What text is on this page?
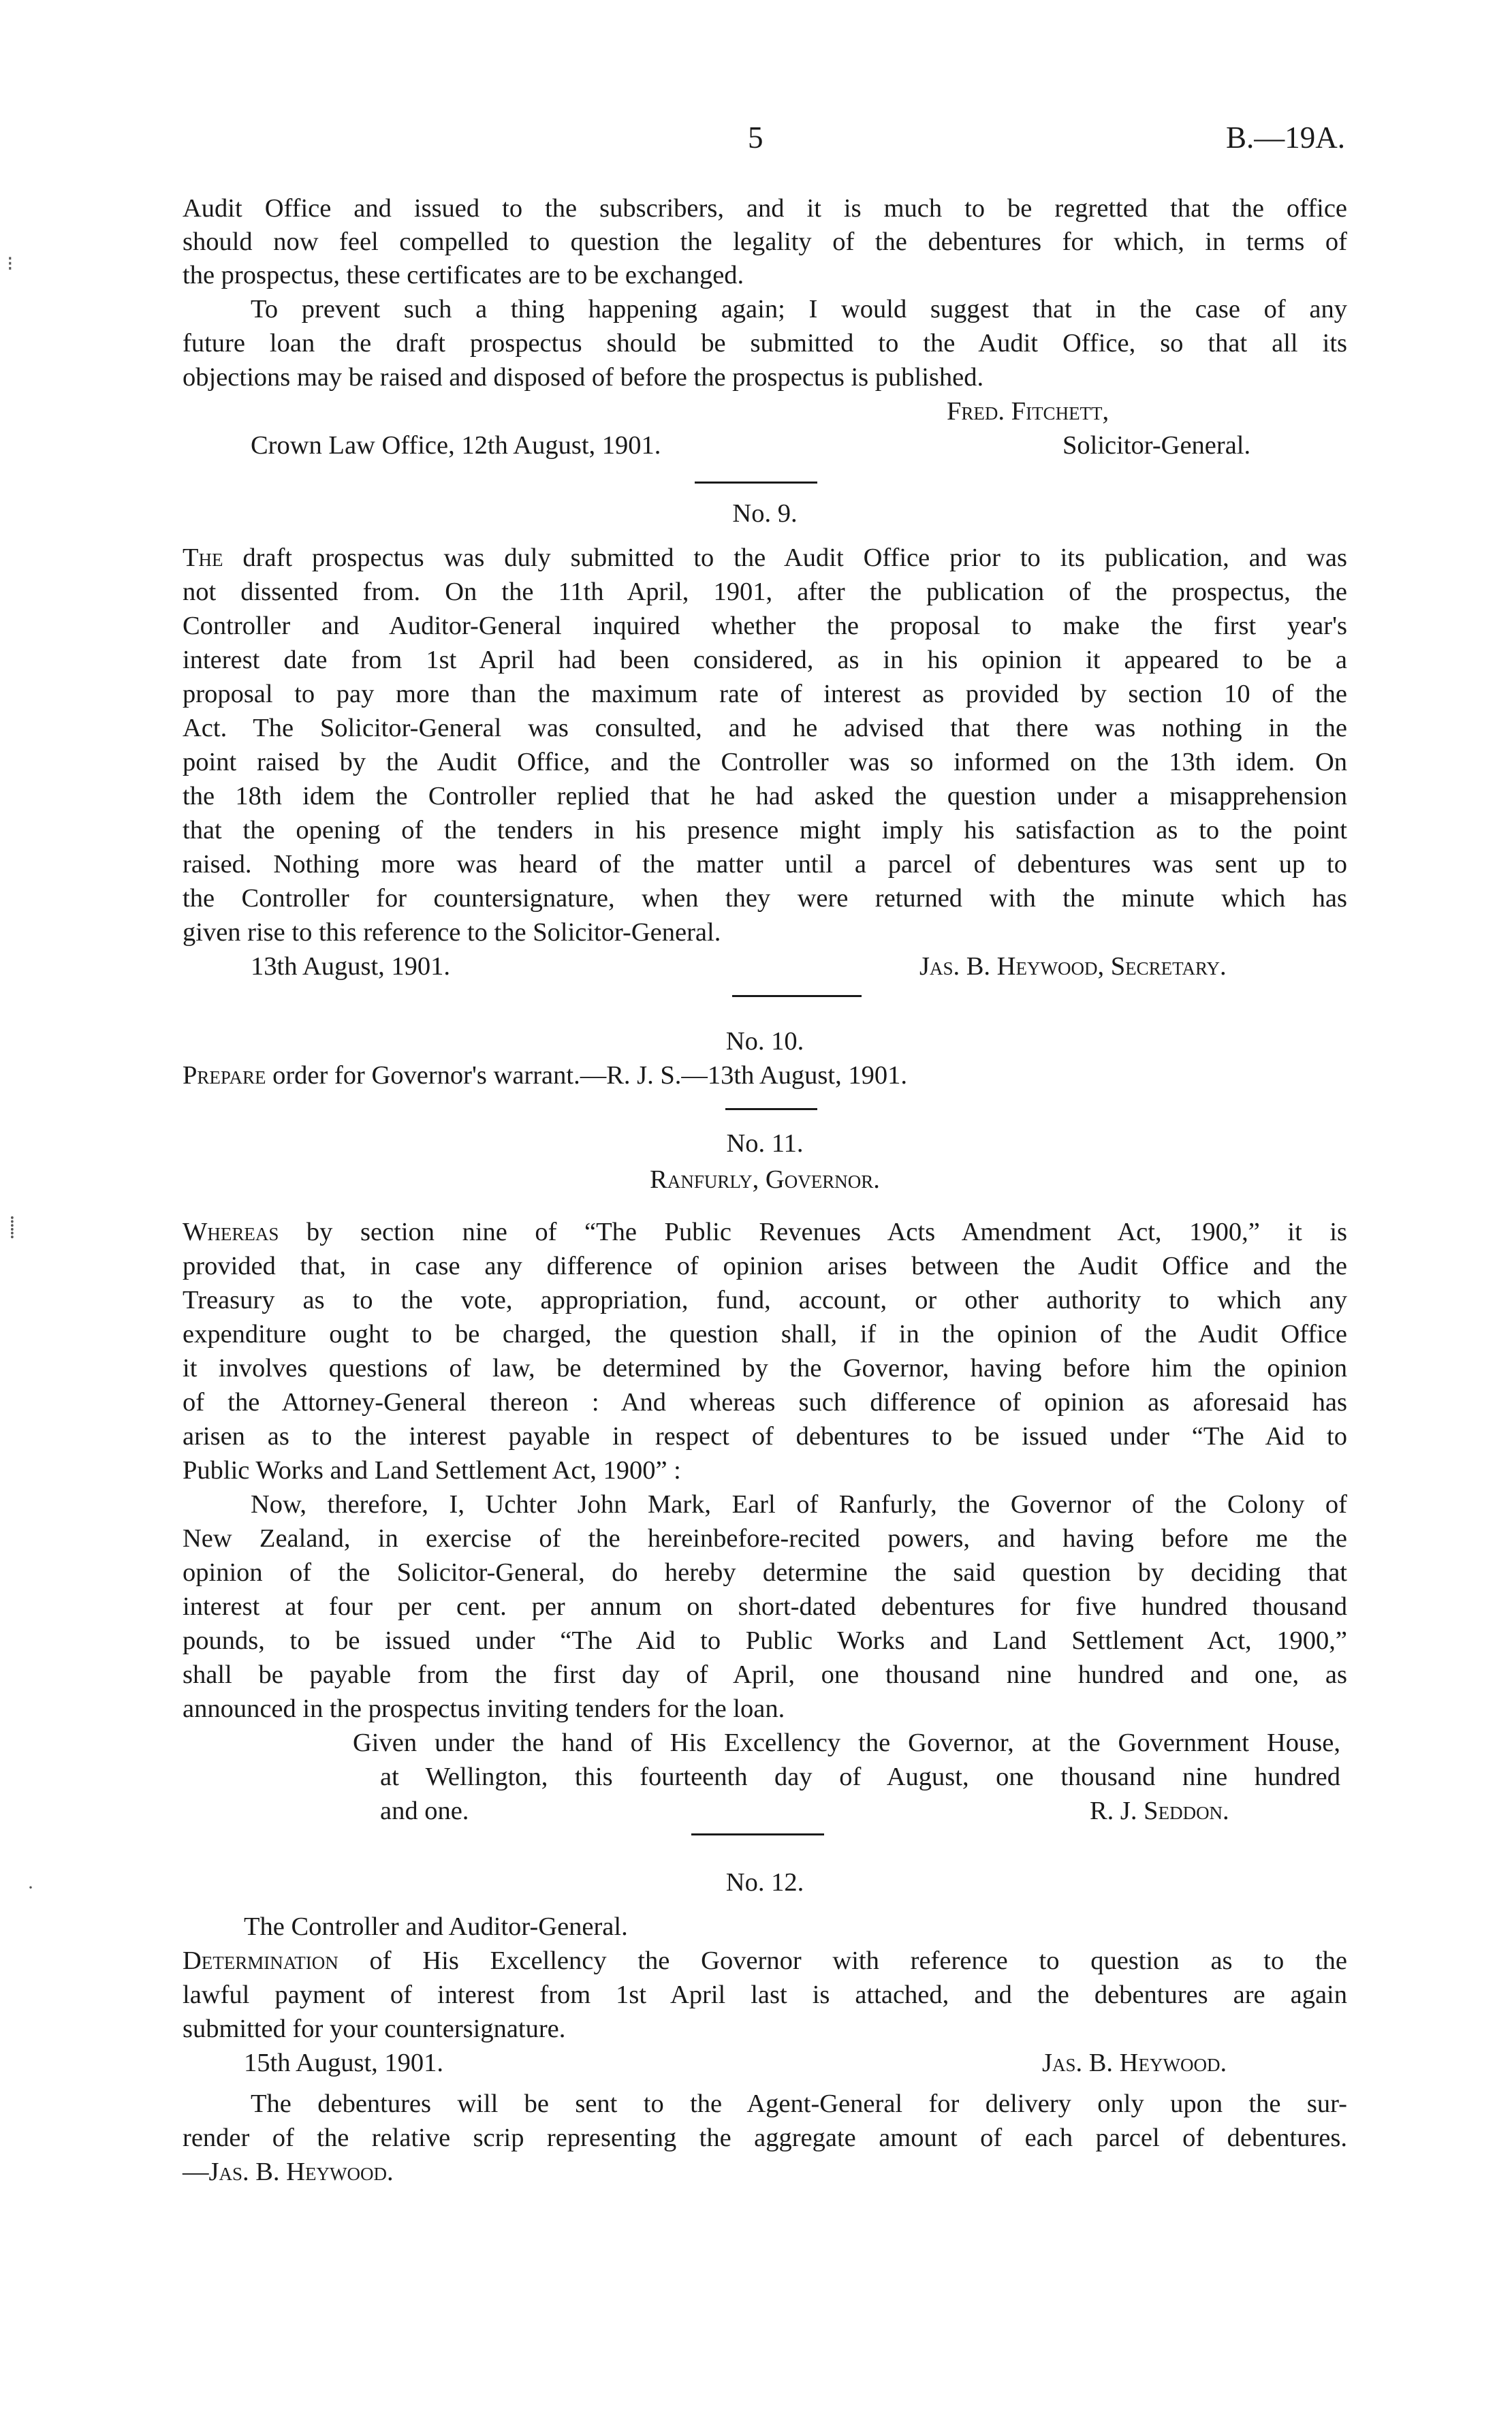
5	B.—19A.
Audit Office and issued to the subscribers, and it is much to be regretted that the office
should now feel compelled to question the legality of the debentures for which, in terms of
the prospectus, these certificates are to be exchanged.
To prevent such a thing happening again; I would suggest that in the case of any
future loan the draft prospectus should be submitted to the Audit Office, so that all its
objections may be raised and disposed of before the prospectus is published.
Fred. Fitchett,
Crown Law Office, 12th August, 1901.	Solicitor-General.
No. 9.
The draft prospectus was duly submitted to the Audit Office prior to its publication, and was
not dissented from. On the 11th April, 1901, after the publication of the prospectus, the
Controller and Auditor-General inquired whether the proposal to make the first year's
interest date from 1st April had been considered, as in his opinion it appeared to be a
proposal to pay more than the maximum rate of interest as provided by section 10 of the
Act. The Solicitor-General was consulted, and he advised that there was nothing in the
point raised by the Audit Office, and the Controller was so informed on the 13th idem. On
the 18th idem the Controller replied that he had asked the question under a misapprehension
that the opening of the tenders in his presence might imply his satisfaction as to the point
raised. Nothing more was heard of the matter until a parcel of debentures was sent up to
the Controller for countersignature, when they were returned with the minute which has
given rise to this reference to the Solicitor-General.
13th August, 1901.	Jas. B. Heywood, Secretary.
No. 10.
Prepare order for Governor's warrant.—R. J. S.—13th August, 1901.
No. 11.
Ranfurly, Governor.
Whereas by section nine of “The Public Revenues Acts Amendment Act, 1900,” it is
provided that, in case any difference of opinion arises between the Audit Office and the
Treasury as to the vote, appropriation, fund, account, or other authority to which any
expenditure ought to be charged, the question shall, if in the opinion of the Audit Office
it involves questions of law, be determined by the Governor, having before him the opinion
of the Attorney-General thereon : And whereas such difference of opinion as aforesaid has
arisen as to the interest payable in respect of debentures to be issued under “The Aid to
Public Works and Land Settlement Act, 1900” :
Now, therefore, I, Uchter John Mark, Earl of Ranfurly, the Governor of the Colony of
New Zealand, in exercise of the hereinbefore-recited powers, and having before me the
opinion of the Solicitor-General, do hereby determine the said question by deciding that
interest at four per cent. per annum on short-dated debentures for five hundred thousand
pounds, to be issued under “The Aid to Public Works and Land Settlement Act, 1900,”
shall be payable from the first day of April, one thousand nine hundred and one, as
announced in the prospectus inviting tenders for the loan.
Given under the hand of His Excellency the Governor, at the Government House,
at Wellington, this fourteenth day of August, one thousand nine hundred
and one.	R. J. Seddon.
No. 12.
The Controller and Auditor-General.
Determination of His Excellency the Governor with reference to question as to the
lawful payment of interest from 1st April last is attached, and the debentures are again
submitted for your countersignature.
15th August, 1901.	Jas. B. Heywood.
The debentures will be sent to the Agent-General for delivery only upon the sur-
render of the relative scrip representing the aggregate amount of each parcel of debentures.
—Jas. B. Heywood.
⁝
⸽
·
